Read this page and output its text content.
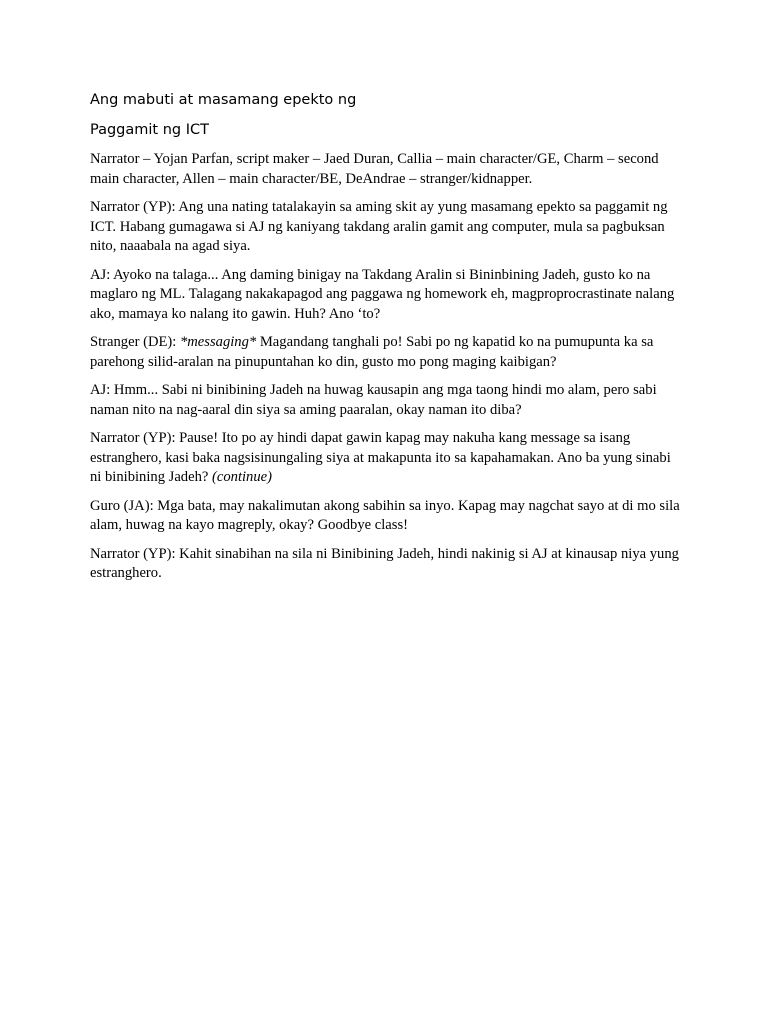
Ang mabuti at masamang epekto ng
Paggamit ng ICT

Narrator – Yojan Parfan, script maker – Jaed Duran, Callia – main character/GE, Charm – second main character, Allen – main character/BE, DeAndrae – stranger/kidnapper.

Narrator (YP): Ang una nating tatalakayin sa aming skit ay yung masamang epekto sa paggamit ng ICT. Habang gumagawa si AJ ng kaniyang takdang aralin gamit ang computer, mula sa pagbuksan nito, naaabala na agad siya.

AJ: Ayoko na talaga... Ang daming binigay na Takdang Aralin si Bininbining Jadeh, gusto ko na maglaro ng ML. Talagang nakakapagod ang paggawa ng homework eh, magproprocrastinate nalang ako, mamaya ko nalang ito gawin. Huh? Ano ‘to?

Stranger (DE): *messaging* Magandang tanghali po! Sabi po ng kapatid ko na pumupunta ka sa parehong silid-aralan na pinupuntahan ko din, gusto mo pong maging kaibigan?

AJ: Hmm... Sabi ni binibining Jadeh na huwag kausapin ang mga taong hindi mo alam, pero sabi naman nito na nag-aaral din siya sa aming paaralan, okay naman ito diba?

Narrator (YP): Pause! Ito po ay hindi dapat gawin kapag may nakuha kang message sa isang estranghero, kasi baka nagsisinungaling siya at makapunta ito sa kapahamakan. Ano ba yung sinabi ni binibining Jadeh? (continue)

Guro (JA): Mga bata, may nakalimutan akong sabihin sa inyo. Kapag may nagchat sayo at di mo sila alam, huwag na kayo magreply, okay? Goodbye class!

Narrator (YP): Kahit sinabihan na sila ni Binibining Jadeh, hindi nakinig si AJ at kinausap niya yung estranghero.
